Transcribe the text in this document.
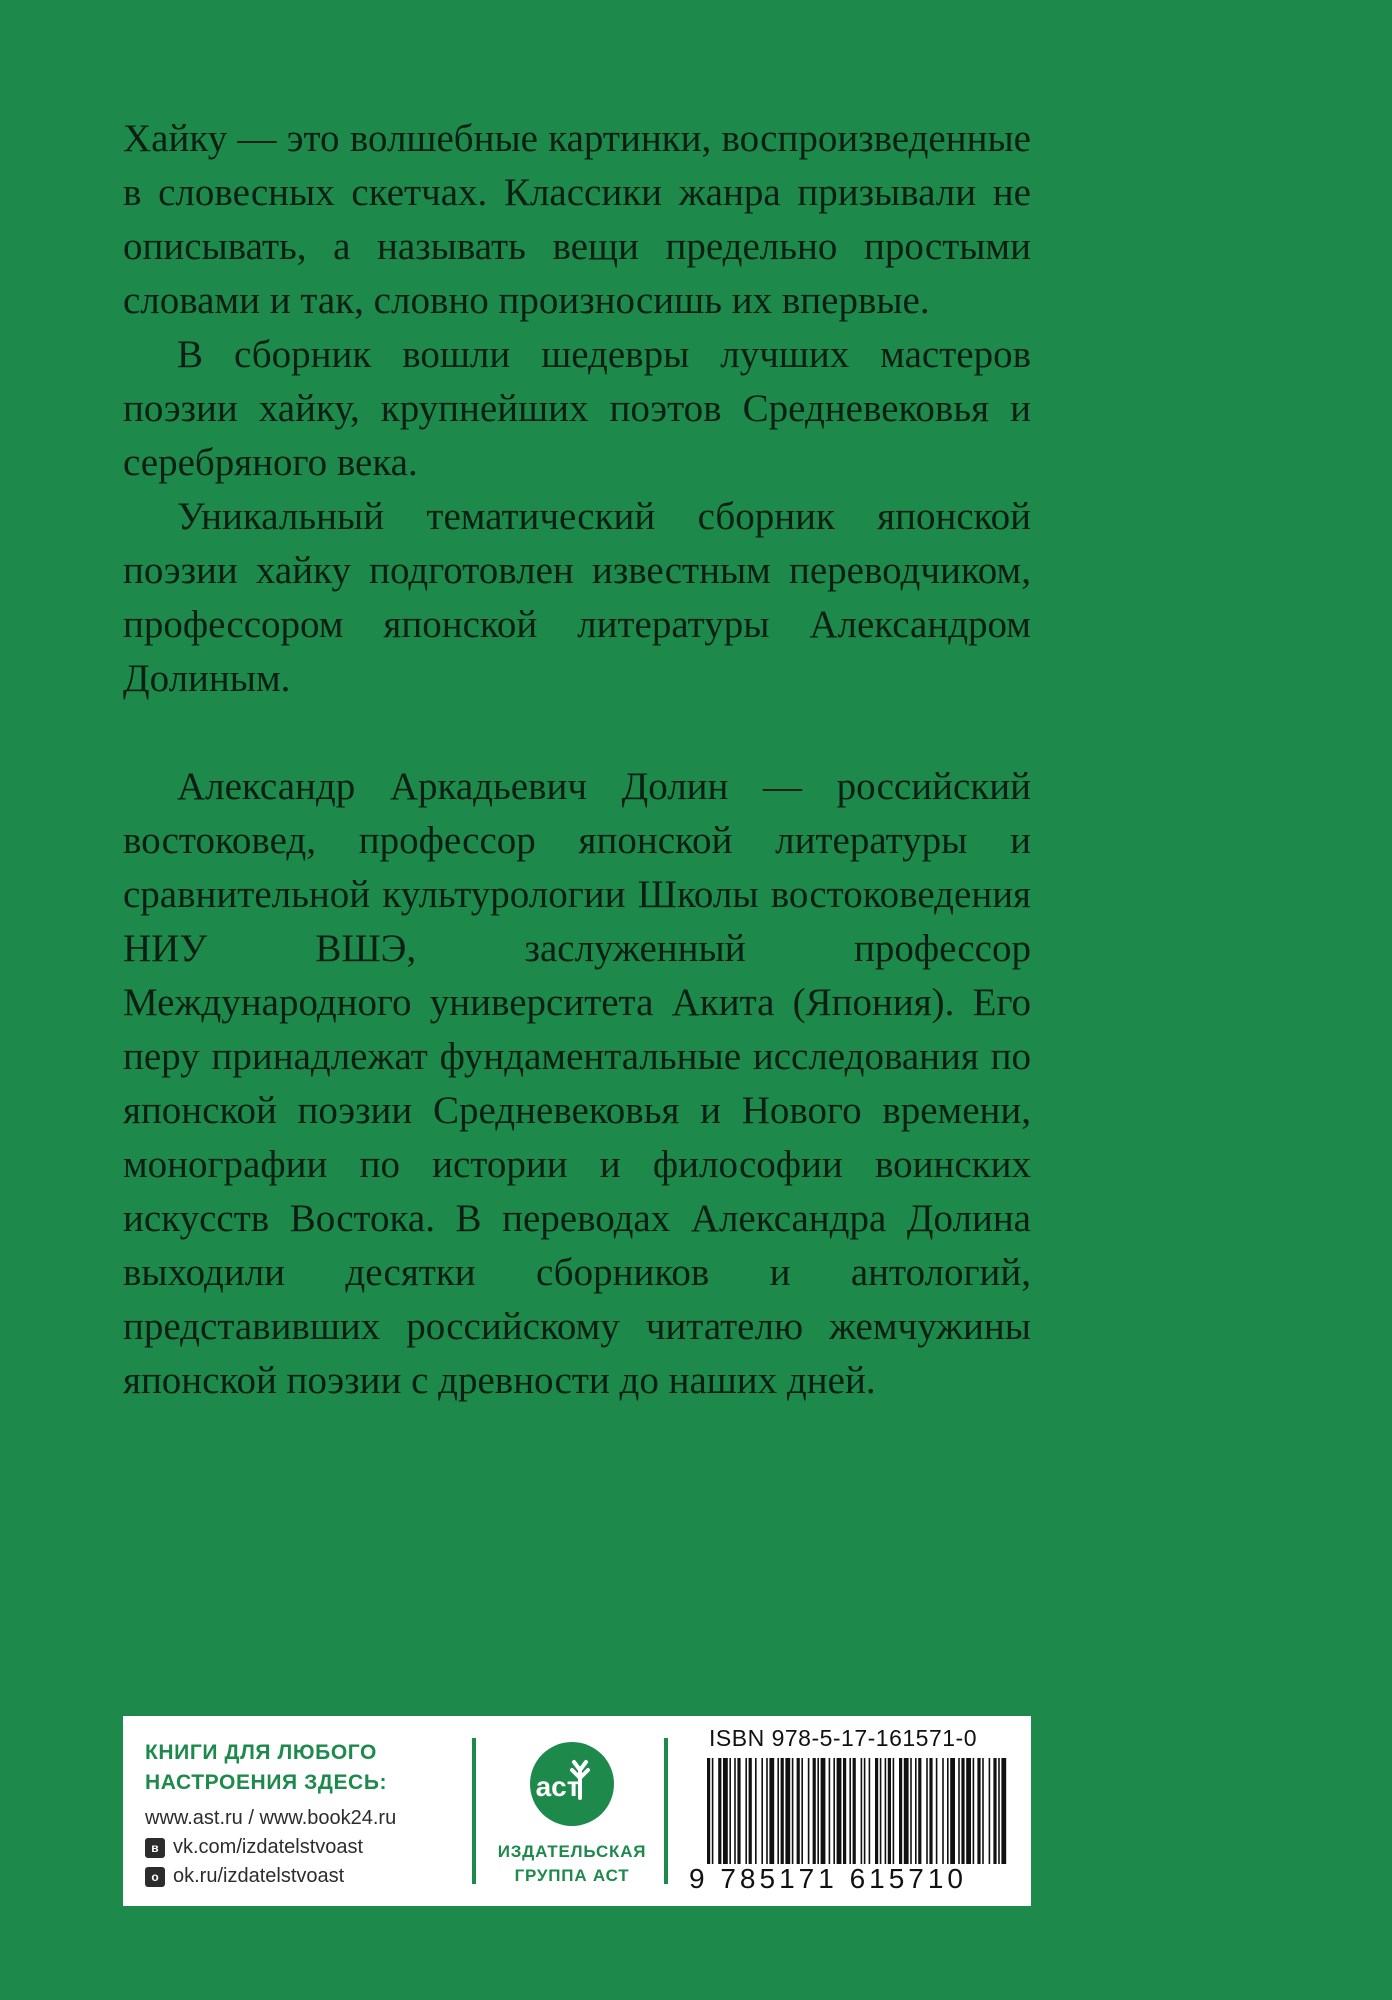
Хайку — это волшебные картинки, воспроизведенные в словесных скетчах. Классики жанра призывали не описывать, а называть вещи предельно простыми словами и так, словно произносишь их впервые.

В сборник вошли шедевры лучших мастеров поэзии хайку, крупнейших поэтов Средневековья и серебряного века.

Уникальный тематический сборник японской поэзии хайку подготовлен известным переводчиком, профессором японской литературы Александром Долиным.

Александр Аркадьевич Долин — российский востоковед, профессор японской литературы и сравнительной культурологии Школы востоковедения НИУ ВШЭ, заслуженный профессор Международного университета Акита (Япония). Его перу принадлежат фундаментальные исследования по японской поэзии Средневековья и Нового времени, монографии по истории и философии воинских искусств Востока. В переводах Александра Долина выходили десятки сборников и антологий, представивших российскому читателю жемчужины японской поэзии с древности до наших дней.

КНИГИ ДЛЯ ЛЮБОГО
НАСТРОЕНИЯ ЗДЕСЬ:
www.ast.ru / www.book24.ru
в vk.com/izdatelstvoast
о ok.ru/izdatelstvoast
аст
ИЗДАТЕЛЬСКАЯ
ГРУППА АСТ
ISBN 978-5-17-161571-0
9 785171 615710
